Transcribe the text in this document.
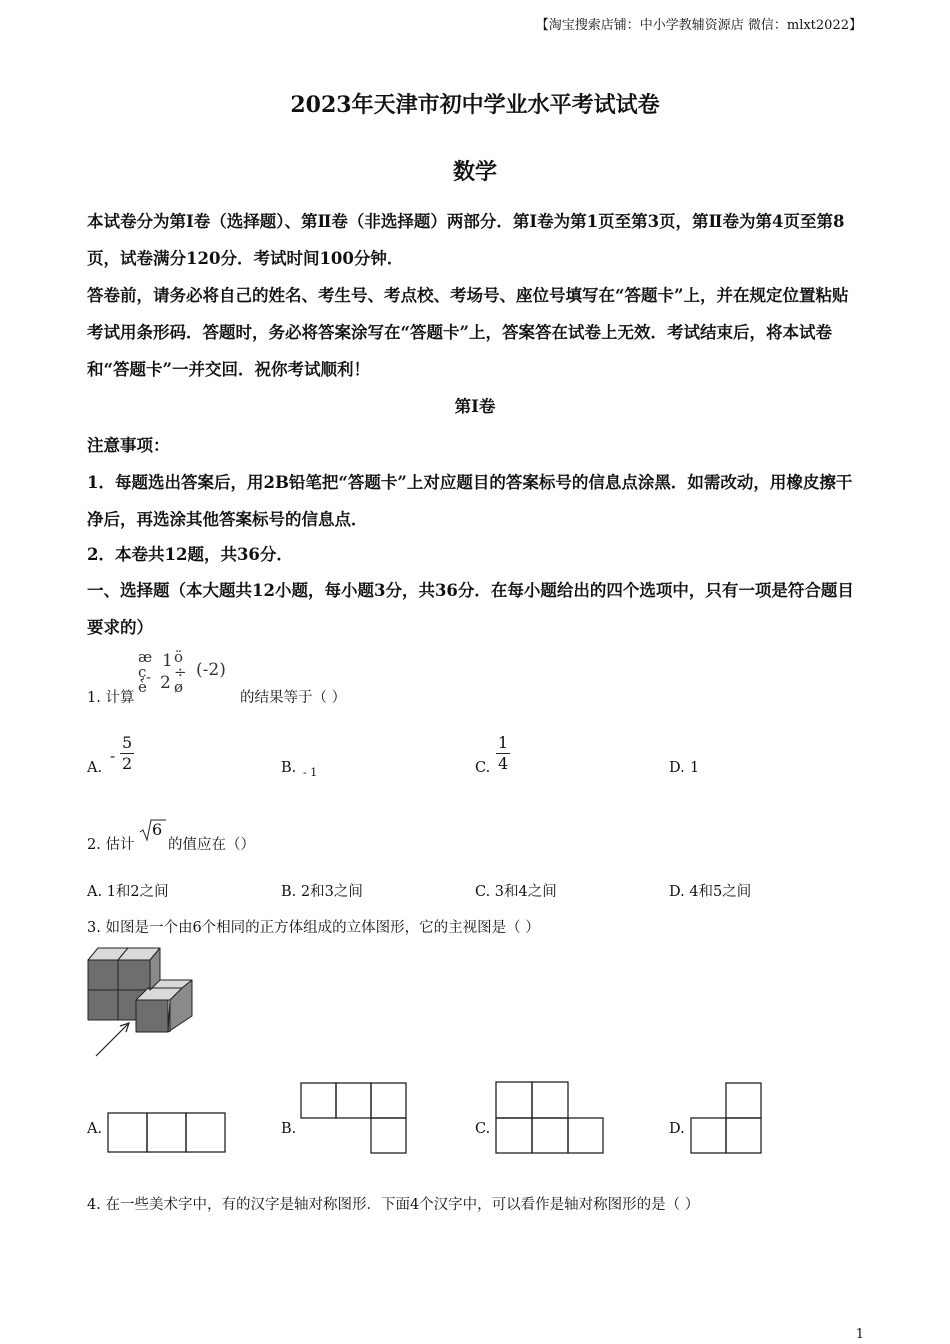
【淘宝搜索店铺：中小学教辅资源店 微信：mlxt2022】
2023年天津市初中学业水平考试试卷
数学
本试卷分为第Ⅰ卷（选择题）、第Ⅱ卷（非选择题）两部分．第Ⅰ卷为第1页至第3页，第Ⅱ卷为第4页至第8页，试卷满分120分．考试时间100分钟．
答卷前，请务必将自己的姓名、考生号、考点校、考场号、座位号填写在“答题卡”上，并在规定位置粘贴考试用条形码．答题时，务必将答案涂写在“答题卡”上，答案答在试卷上无效．考试结束后，将本试卷和“答题卡”一并交回．祝你考试顺利！
第Ⅰ卷
注意事项：
1．每题选出答案后，用2B铅笔把“答题卡”上对应题目的答案标号的信息点涂黑．如需改动，用橡皮擦干净后，再选涂其他答案标号的信息点．
2．本卷共12题，共36分．
一、选择题（本大题共12小题，每小题3分，共36分．在每小题给出的四个选项中，只有一项是符合题目要求的）
1. 计算
æ
ç
è
1
2
-
ö
÷
ø
(-2)
的结果等于（ ）
A.
- $\frac{5}{2}$	B. - 1	C. $\frac{1}{4}$	D. 1
2. 估计
6
的值应在（）
A. 1和2之间	B. 2和3之间	C. 3和4之间	D. 4和5之间
3. 如图是一个由6个相同的正方体组成的立体图形，它的主视图是（ ）
A.	B.	C.	D.
4. 在一些美术字中，有的汉字是轴对称图形．下面4个汉字中，可以看作是轴对称图形的是（ ）
1
